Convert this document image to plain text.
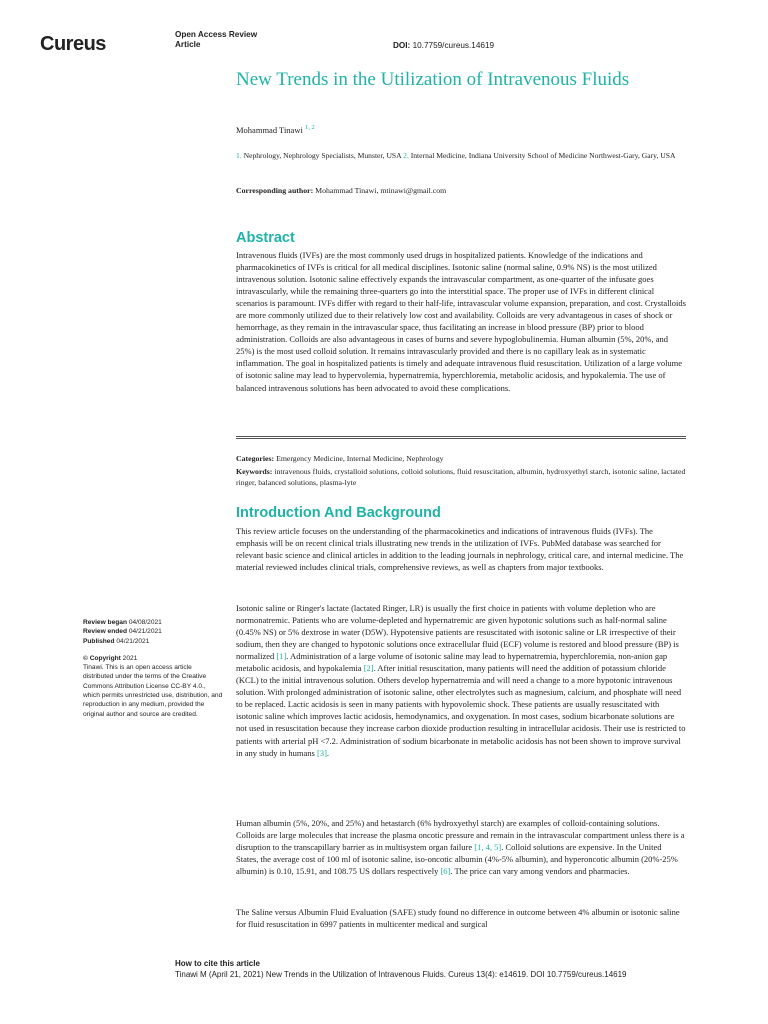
Cureus	Open Access Review
Article	DOI: 10.7759/cureus.14619
New Trends in the Utilization of Intravenous Fluids
Mohammad Tinawi $^{1, 2}$
1. Nephrology, Nephrology Specialists, Munster, USA 2. Internal Medicine, Indiana University School of Medicine Northwest-Gary, Gary, USA
Corresponding author: Mohammad Tinawi, mtinawi@gmail.com
Abstract
Intravenous fluids (IVFs) are the most commonly used drugs in hospitalized patients. Knowledge of the indications and pharmacokinetics of IVFs is critical for all medical disciplines. Isotonic saline (normal saline, 0.9% NS) is the most utilized intravenous solution. Isotonic saline effectively expands the intravascular compartment, as one-quarter of the infusate goes intravascularly, while the remaining three-quarters go into the interstitial space. The proper use of IVFs in different clinical scenarios is paramount. IVFs differ with regard to their half-life, intravascular volume expansion, preparation, and cost. Crystalloids are more commonly utilized due to their relatively low cost and availability. Colloids are very advantageous in cases of shock or hemorrhage, as they remain in the intravascular space, thus facilitating an increase in blood pressure (BP) prior to blood administration. Colloids are also advantageous in cases of burns and severe hypoglobulinemia. Human albumin (5%, 20%, and 25%) is the most used colloid solution. It remains intravascularly provided and there is no capillary leak as in systematic inflammation. The goal in hospitalized patients is timely and adequate intravenous fluid resuscitation. Utilization of a large volume of isotonic saline may lead to hypervolemia, hypernatremia, hyperchloremia, metabolic acidosis, and hypokalemia. The use of balanced intravenous solutions has been advocated to avoid these complications.
Categories: Emergency Medicine, Internal Medicine, Nephrology
Keywords: intravenous fluids, crystalloid solutions, colloid solutions, fluid resuscitation, albumin, hydroxyethyl starch, isotonic saline, lactated ringer, balanced solutions, plasma-lyte
Introduction And Background
This review article focuses on the understanding of the pharmacokinetics and indications of intravenous fluids (IVFs). The emphasis will be on recent clinical trials illustrating new trends in the utilization of IVFs. PubMed database was searched for relevant basic science and clinical articles in addition to the leading journals in nephrology, critical care, and internal medicine. The material reviewed includes clinical trials, comprehensive reviews, as well as chapters from major textbooks.
Isotonic saline or Ringer's lactate (lactated Ringer, LR) is usually the first choice in patients with volume depletion who are normonatremic. Patients who are volume-depleted and hypernatremic are given hypotonic solutions such as half-normal saline (0.45% NS) or 5% dextrose in water (D5W). Hypotensive patients are resuscitated with isotonic saline or LR irrespective of their sodium, then they are changed to hypotonic solutions once extracellular fluid (ECF) volume is restored and blood pressure (BP) is normalized [1]. Administration of a large volume of isotonic saline may lead to hypernatremia, hyperchloremia, non-anion gap metabolic acidosis, and hypokalemia [2]. After initial resuscitation, many patients will need the addition of potassium chloride (KCL) to the initial intravenous solution. Others develop hypernatremia and will need a change to a more hypotonic intravenous solution. With prolonged administration of isotonic saline, other electrolytes such as magnesium, calcium, and phosphate will need to be replaced. Lactic acidosis is seen in many patients with hypovolemic shock. These patients are usually resuscitated with isotonic saline which improves lactic acidosis, hemodynamics, and oxygenation. In most cases, sodium bicarbonate solutions are not used in resuscitation because they increase carbon dioxide production resulting in intracellular acidosis. Their use is restricted to patients with arterial pH <7.2. Administration of sodium bicarbonate in metabolic acidosis has not been shown to improve survival in any study in humans [3].
Human albumin (5%, 20%, and 25%) and hetastarch (6% hydroxyethyl starch) are examples of colloid-containing solutions. Colloids are large molecules that increase the plasma oncotic pressure and remain in the intravascular compartment unless there is a disruption to the transcapillary barrier as in multisystem organ failure [1, 4, 5]. Colloid solutions are expensive. In the United States, the average cost of 100 ml of isotonic saline, iso-oncotic albumin (4%-5% albumin), and hyperoncotic albumin (20%-25% albumin) is 0.10, 15.91, and 108.75 US dollars respectively [6]. The price can vary among vendors and pharmacies.
The Saline versus Albumin Fluid Evaluation (SAFE) study found no difference in outcome between 4% albumin or isotonic saline for fluid resuscitation in 6997 patients in multicenter medical and surgical
Review began 04/08/2021
Review ended 04/21/2021
Published 04/21/2021
© Copyright 2021
Tinawi. This is an open access article distributed under the terms of the Creative Commons Attribution License CC-BY 4.0., which permits unrestricted use, distribution, and reproduction in any medium, provided the original author and source are credited.
How to cite this article
Tinawi M (April 21, 2021) New Trends in the Utilization of Intravenous Fluids. Cureus 13(4): e14619. DOI 10.7759/cureus.14619
